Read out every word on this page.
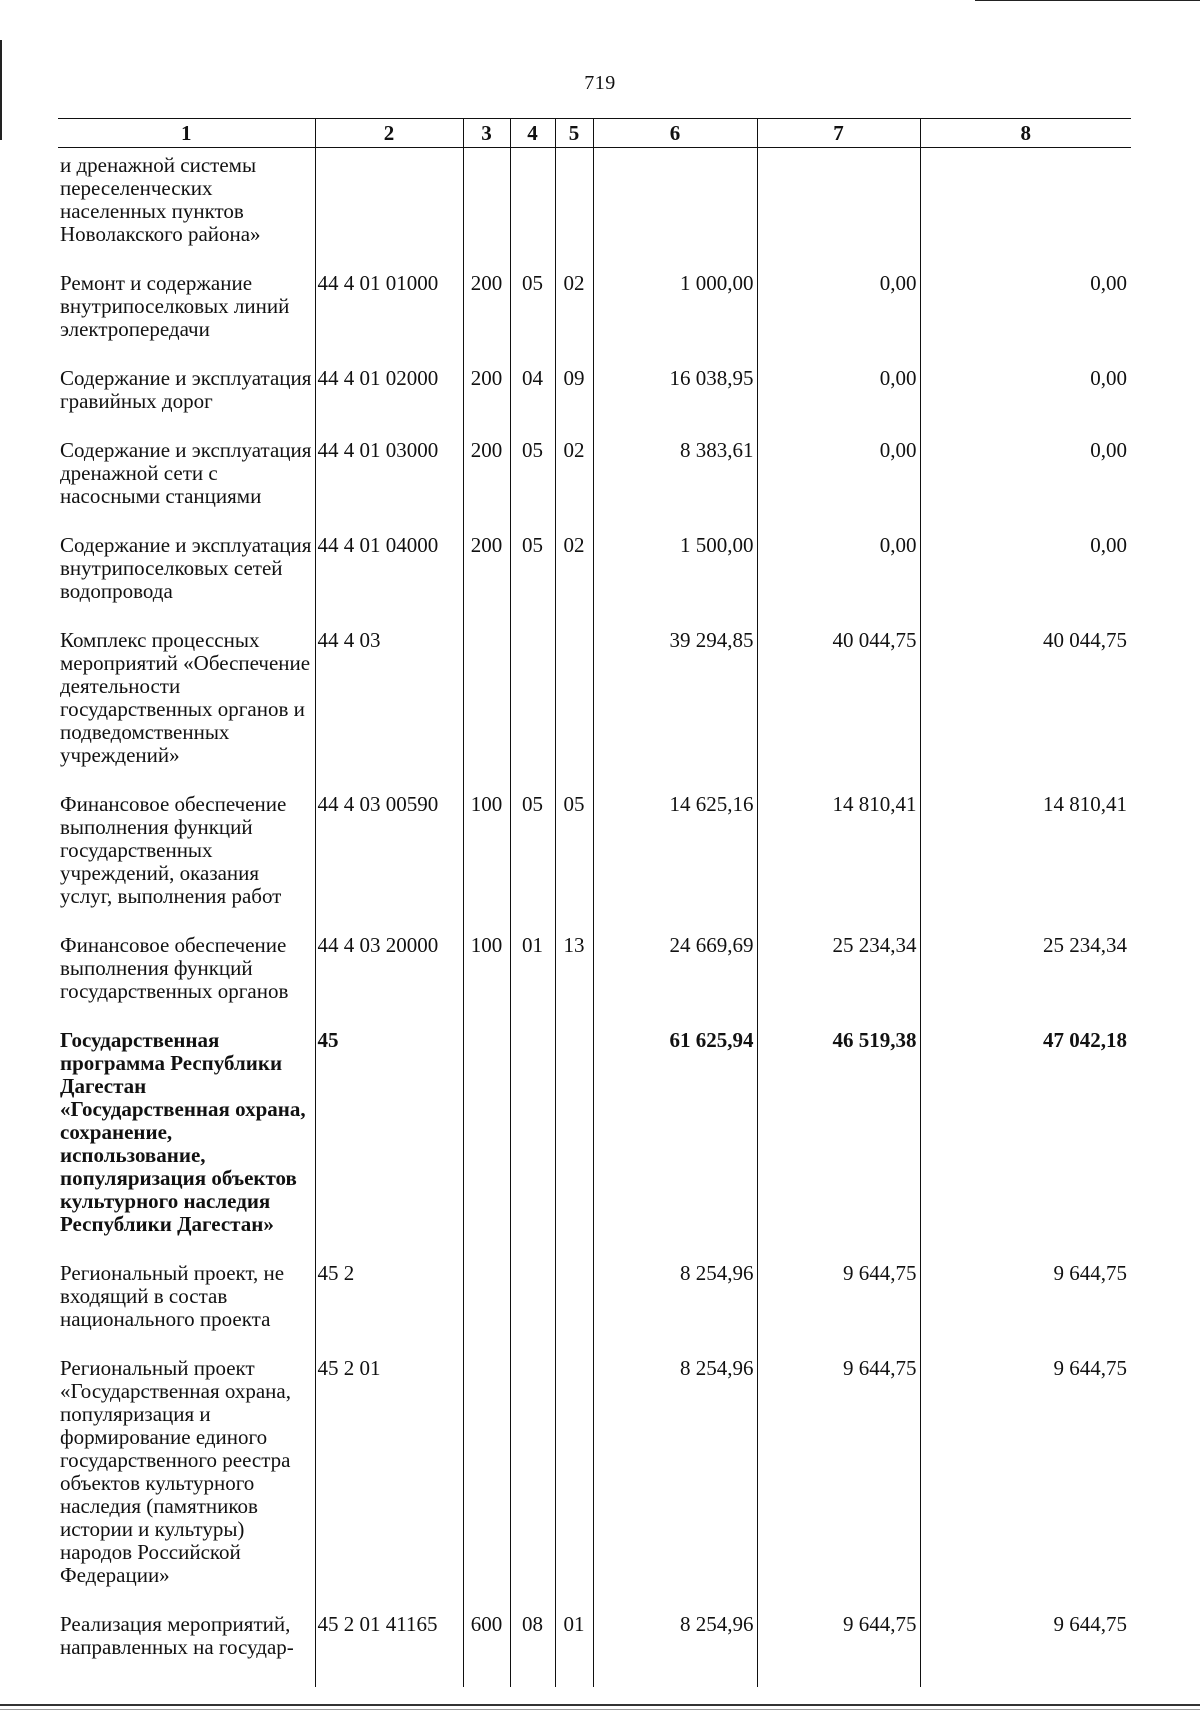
719
1	2	3	4	5	6	7	8
и дренажной системы переселенческих населенных пунктов Новолакского района»							
Ремонт и содержание внутрипоселковых линий электропередачи	44 4 01 01000	200	05	02	1 000,00	0,00	0,00
Содержание и эксплуатация гравийных дорог	44 4 01 02000	200	04	09	16 038,95	0,00	0,00
Содержание и эксплуатация дренажной сети с насосными станциями	44 4 01 03000	200	05	02	8 383,61	0,00	0,00
Содержание и эксплуатация внутрипоселковых сетей водопровода	44 4 01 04000	200	05	02	1 500,00	0,00	0,00
Комплекс процессных мероприятий «Обеспечение деятельности государственных органов и подведомственных учреждений»	44 4 03				39 294,85	40 044,75	40 044,75
Финансовое обеспечение выполнения функций государственных учреждений, оказания услуг, выполнения работ	44 4 03 00590	100	05	05	14 625,16	14 810,41	14 810,41
Финансовое обеспечение выполнения функций государственных органов	44 4 03 20000	100	01	13	24 669,69	25 234,34	25 234,34
Государственная программа Республики Дагестан «Государственная охрана, сохранение, использование, популяризация объектов культурного наследия Республики Дагестан»	45				61 625,94	46 519,38	47 042,18
Региональный проект, не входящий в состав национального проекта	45 2				8 254,96	9 644,75	9 644,75
Региональный проект «Государственная охрана, популяризация и формирование единого государственного реестра объектов культурного наследия (памятников истории и культуры) народов Российской Федерации»	45 2 01				8 254,96	9 644,75	9 644,75
Реализация мероприятий, направленных на государ-	45 2 01 41165	600	08	01	8 254,96	9 644,75	9 644,75
